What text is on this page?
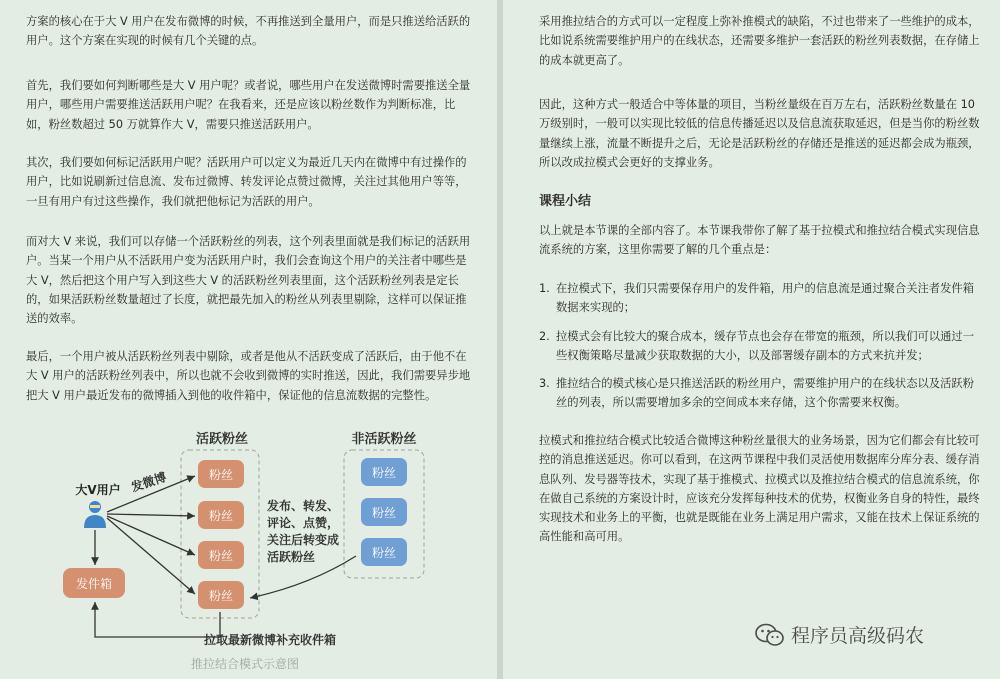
方案的核心在于大 V 用户在发布微博的时候，不再推送到全量用户，而是只推送给活跃的用户。这个方案在实现的时候有几个关键的点。

首先，我们要如何判断哪些是大 V 用户呢？或者说，哪些用户在发送微博时需要推送全量用户，哪些用户需要推送活跃用户呢？在我看来，还是应该以粉丝数作为判断标准，比如，粉丝数超过 50 万就算作大 V，需要只推送活跃用户。

其次，我们要如何标记活跃用户呢？活跃用户可以定义为最近几天内在微博中有过操作的用户，比如说刷新过信息流、发布过微博、转发评论点赞过微博，关注过其他用户等等，一旦有用户有过这些操作，我们就把他标记为活跃的用户。

而对大 V 来说，我们可以存储一个活跃粉丝的列表，这个列表里面就是我们标记的活跃用户。当某一个用户从不活跃用户变为活跃用户时，我们会查询这个用户的关注者中哪些是大 V，然后把这个用户写入到这些大 V 的活跃粉丝列表里面，这个活跃粉丝列表是定长的，如果活跃粉丝数量超过了长度，就把最先加入的粉丝从列表里剔除，这样可以保证推送的效率。

最后，一个用户被从活跃粉丝列表中剔除，或者是他从不活跃变成了活跃后，由于他不在大 V 用户的活跃粉丝列表中，所以也就不会收到微博的实时推送，因此，我们需要异步地把大 V 用户最近发布的微博插入到他的收件箱中，保证他的信息流数据的完整性。

活跃粉丝	非活跃粉丝
大V用户 发微博	粉丝
粉丝
粉丝
粉丝
粉丝
粉丝
粉丝
发件箱
发布、转发、
评论、点赞，
关注后转变成
活跃粉丝
拉取最新微博补充收件箱
推拉结合模式示意图

采用推拉结合的方式可以一定程度上弥补推模式的缺陷，不过也带来了一些维护的成本，比如说系统需要维护用户的在线状态，还需要多维护一套活跃的粉丝列表数据，在存储上的成本就更高了。

因此，这种方式一般适合中等体量的项目，当粉丝量级在百万左右，活跃粉丝数量在 10 万级别时，一般可以实现比较低的信息传播延迟以及信息流获取延迟，但是当你的粉丝数量继续上涨，流量不断提升之后，无论是活跃粉丝的存储还是推送的延迟都会成为瓶颈，所以改成拉模式会更好的支撑业务。

课程小结

以上就是本节课的全部内容了。本节课我带你了解了基于拉模式和推拉结合模式实现信息流系统的方案，这里你需要了解的几个重点是：

1. 在拉模式下，我们只需要保存用户的发件箱，用户的信息流是通过聚合关注者发件箱数据来实现的；
2. 拉模式会有比较大的聚合成本，缓存节点也会存在带宽的瓶颈，所以我们可以通过一些权衡策略尽量减少获取数据的大小，以及部署缓存副本的方式来抗并发；
3. 推拉结合的模式核心是只推送活跃的粉丝用户，需要维护用户的在线状态以及活跃粉丝的列表，所以需要增加多余的空间成本来存储，这个你需要来权衡。

拉模式和推拉结合模式比较适合微博这种粉丝量很大的业务场景，因为它们都会有比较可控的消息推送延迟。你可以看到，在这两节课程中我们灵活使用数据库分库分表、缓存消息队列、发号器等技术，实现了基于推模式、拉模式以及推拉结合模式的信息流系统，你在做自己系统的方案设计时，应该充分发挥每种技术的优势，权衡业务自身的特性，最终实现技术和业务上的平衡，也就是既能在业务上满足用户需求，又能在技术上保证系统的高性能和高可用。

程序员高级码农
